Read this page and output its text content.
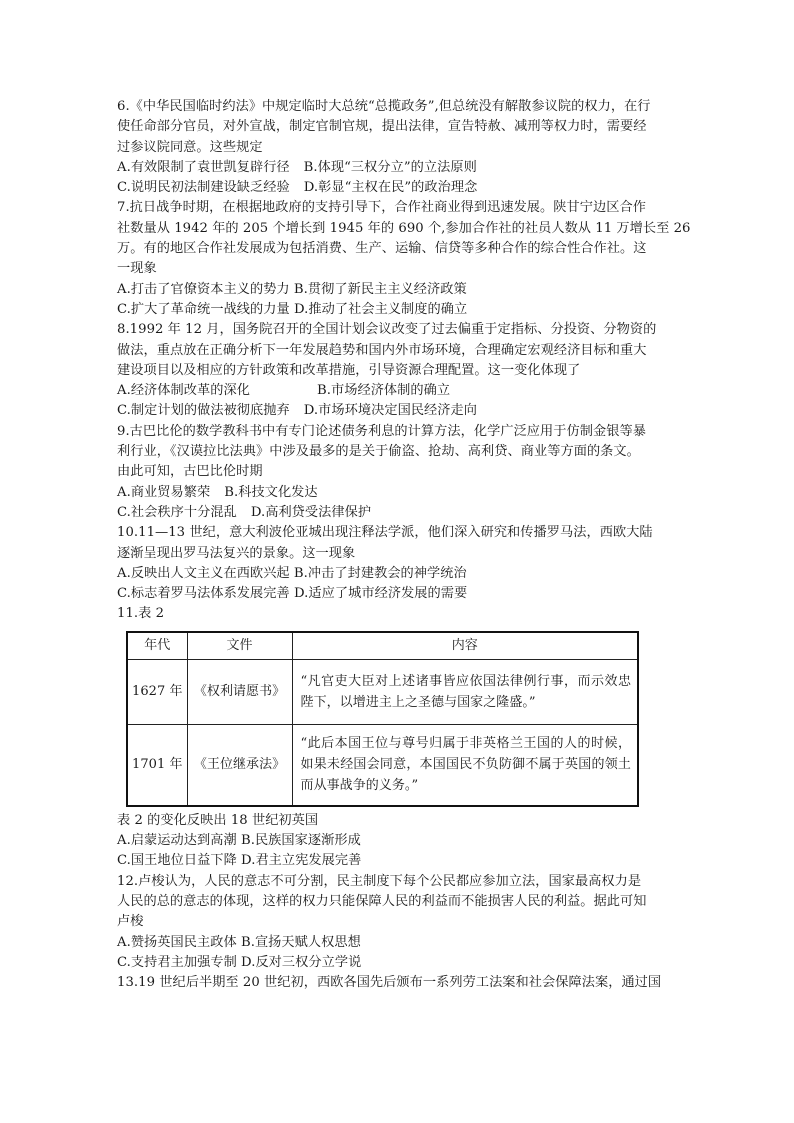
6.《中华民国临时约法》中规定临时大总统“总揽政务”,但总统没有解散参议院的权力，在行
使任命部分官员，对外宣战，制定官制官规，提出法律，宣告特赦、减刑等权力时，需要经
过参议院同意。这些规定
A.有效限制了袁世凯复辟行径 B.体现“三权分立”的立法原则
C.说明民初法制建设缺乏经验 D.彰显“主权在民”的政治理念
7.抗日战争时期，在根据地政府的支持引导下，合作社商业得到迅速发展。陕甘宁边区合作
社数量从 1942 年的 205 个增长到 1945 年的 690 个,参加合作社的社员人数从 11 万增长至 26
万。有的地区合作社发展成为包括消费、生产、运输、信贷等多种合作的综合性合作社。这
一现象
A.打击了官僚资本主义的势力 B.贯彻了新民主主义经济政策
C.扩大了革命统一战线的力量 D.推动了社会主义制度的确立
8.1992 年 12 月，国务院召开的全国计划会议改变了过去偏重于定指标、分投资、分物资的
做法，重点放在正确分析下一年发展趋势和国内外市场环境，合理确定宏观经济目标和重大
建设项目以及相应的方针政策和改革措施，引导资源合理配置。这一变化体现了
A.经济体制改革的深化	B.市场经济体制的确立
C.制定计划的做法被彻底抛弃 D.市场环境决定国民经济走向
9.古巴比伦的数学教科书中有专门论述债务利息的计算方法，化学广泛应用于仿制金银等暴
利行业，《汉谟拉比法典》中涉及最多的是关于偷盗、抢劫、高利贷、商业等方面的条文。
由此可知，古巴比伦时期
A.商业贸易繁荣 B.科技文化发达
C.社会秩序十分混乱 D.高利贷受法律保护
10.11—13 世纪，意大利波伦亚城出现注释法学派，他们深入研究和传播罗马法，西欧大陆
逐渐呈现出罗马法复兴的景象。这一现象
A.反映出人文主义在西欧兴起 B.冲击了封建教会的神学统治
C.标志着罗马法体系发展完善 D.适应了城市经济发展的需要
11.表 2
年代	文件	内容
1627 年	《权利请愿书》	“凡官吏大臣对上述诸事皆应依国法律例行事，而示效忠陛下，以增进主上之圣德与国家之隆盛。”
1701 年	《王位继承法》	“此后本国王位与尊号归属于非英格兰王国的人的时候，如果未经国会同意，本国国民不负防御不属于英国的领土而从事战争的义务。”
表 2 的变化反映出 18 世纪初英国
A.启蒙运动达到高潮 B.民族国家逐渐形成
C.国王地位日益下降 D.君主立宪发展完善
12.卢梭认为，人民的意志不可分割，民主制度下每个公民都应参加立法，国家最高权力是
人民的总的意志的体现，这样的权力只能保障人民的利益而不能损害人民的利益。据此可知
卢梭
A.赞扬英国民主政体 B.宣扬天赋人权思想
C.支持君主加强专制 D.反对三权分立学说
13.19 世纪后半期至 20 世纪初，西欧各国先后颁布一系列劳工法案和社会保障法案，通过国
